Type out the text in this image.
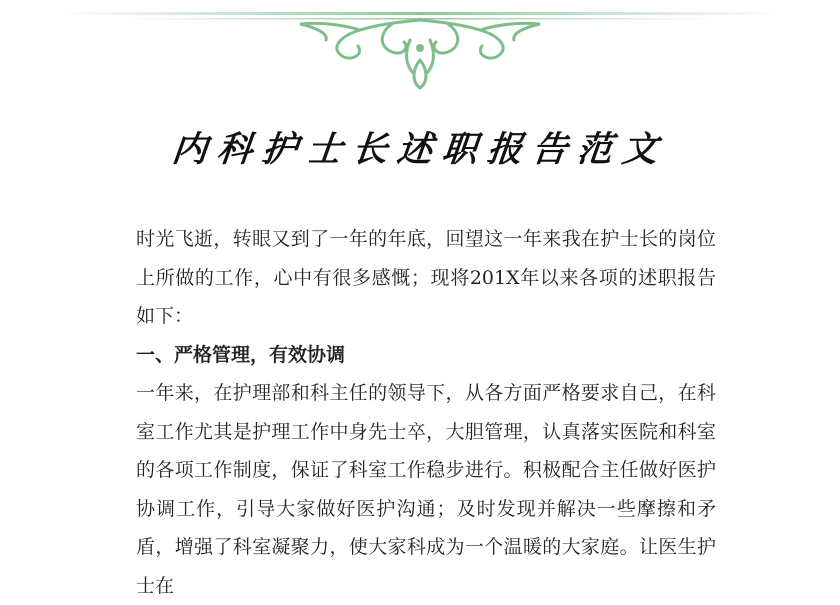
内科护士长述职报告范文

时光飞逝，转眼又到了一年的年底，回望这一年来我在护士长的岗位上所做的工作，心中有很多感慨；现将201X年以来各项的述职报告如下：

一、严格管理，有效协调

一年来，在护理部和科主任的领导下，从各方面严格要求自己，在科室工作尤其是护理工作中身先士卒，大胆管理，认真落实医院和科室的各项工作制度，保证了科室工作稳步进行。积极配合主任做好医护协调工作，引导大家做好医护沟通；及时发现并解决一些摩擦和矛盾，增强了科室凝聚力，使大家科成为一个温暖的大家庭。让医生护士在
